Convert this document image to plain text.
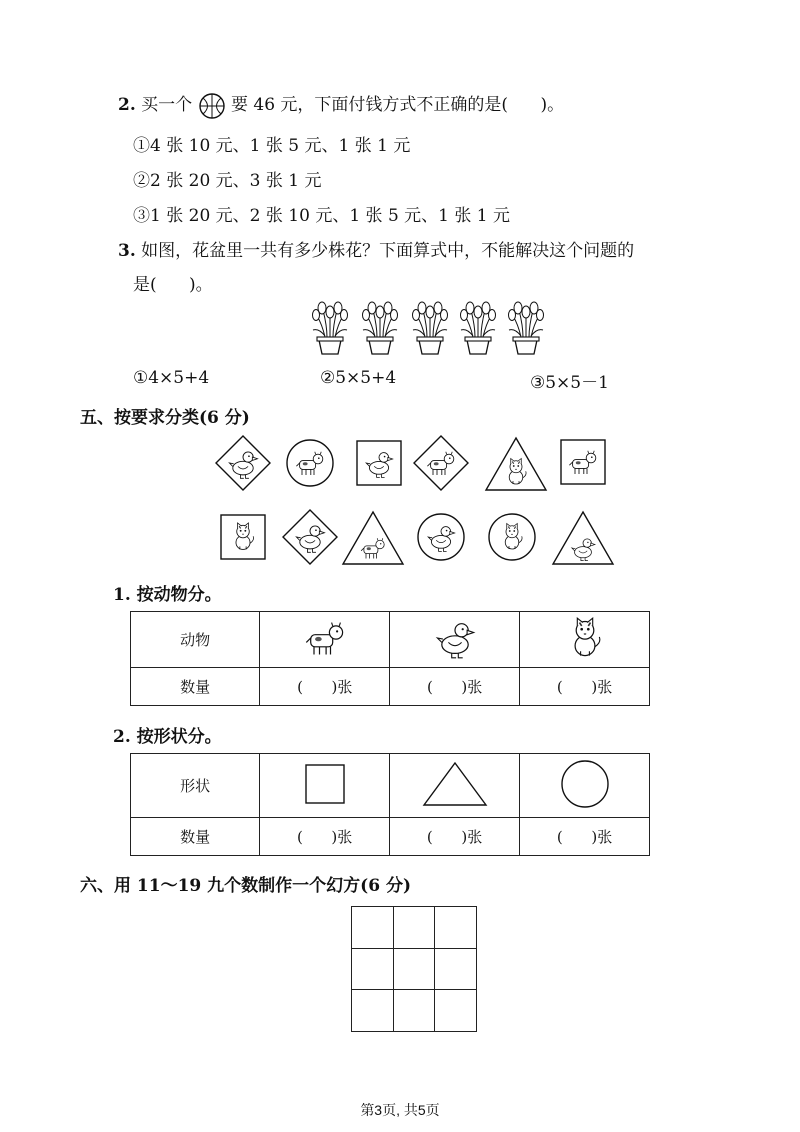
2. 买一个 要 46 元，下面付钱方式不正确的是( )。
①4 张 10 元、1 张 5 元、1 张 1 元
②2 张 20 元、3 张 1 元
③1 张 20 元、2 张 10 元、1 张 5 元、1 张 1 元
3. 如图，花盆里一共有多少株花？下面算式中，不能解决这个问题的
是(      )。
①4×5+4	②5×5+4	③5×5－1
五、按要求分类(6 分)
1. 按动物分。
动物			
数量	(      )张	(      )张	(      )张
2. 按形状分。
形状			
数量	(      )张	(      )张	(      )张
六、用 11～19 九个数制作一个幻方(6 分)

第3页, 共5页
